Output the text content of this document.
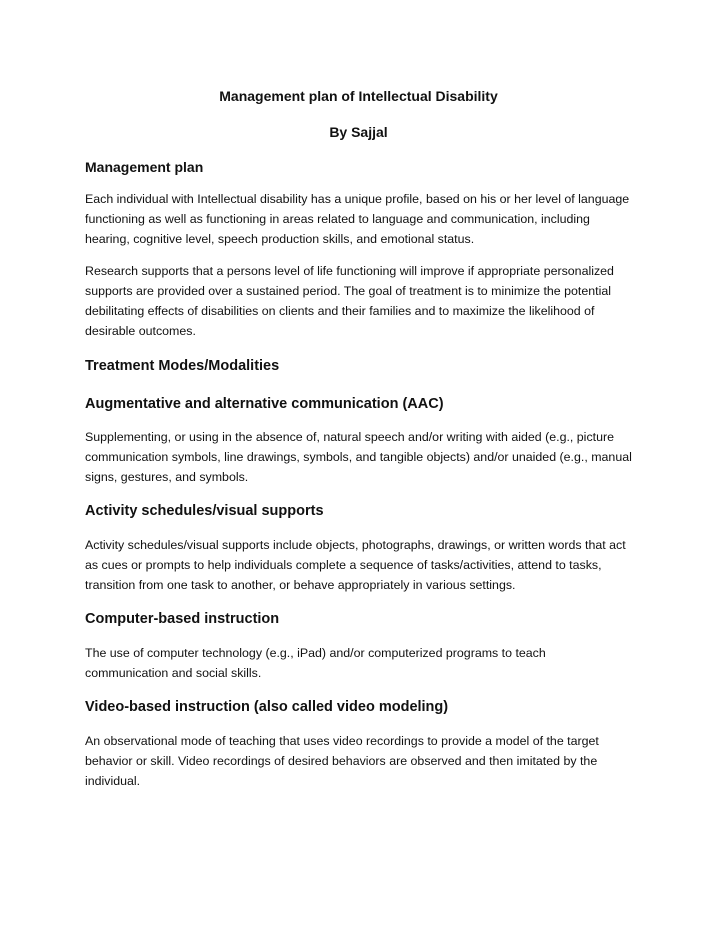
Management plan of Intellectual Disability
By Sajjal
Management plan

Each individual with Intellectual disability has a unique profile, based on his or her level of language functioning as well as functioning in areas related to language and communication, including hearing, cognitive level, speech production skills, and emotional status.

Research supports that a persons level of life functioning will improve if appropriate personalized supports are provided over a sustained period. The goal of treatment is to minimize the potential debilitating effects of disabilities on clients and their families and to maximize the likelihood of desirable outcomes.

Treatment Modes/Modalities
Augmentative and alternative communication (AAC)

Supplementing, or using in the absence of, natural speech and/or writing with aided (e.g., picture communication symbols, line drawings, symbols, and tangible objects) and/or unaided (e.g., manual signs, gestures, and symbols.

Activity schedules/visual supports

Activity schedules/visual supports include objects, photographs, drawings, or written words that act as cues or prompts to help individuals complete a sequence of tasks/activities, attend to tasks, transition from one task to another, or behave appropriately in various settings.

Computer-based instruction

The use of computer technology (e.g., iPad) and/or computerized programs to teach communication and social skills.

Video-based instruction (also called video modeling)

An observational mode of teaching that uses video recordings to provide a model of the target behavior or skill. Video recordings of desired behaviors are observed and then imitated by the individual.
